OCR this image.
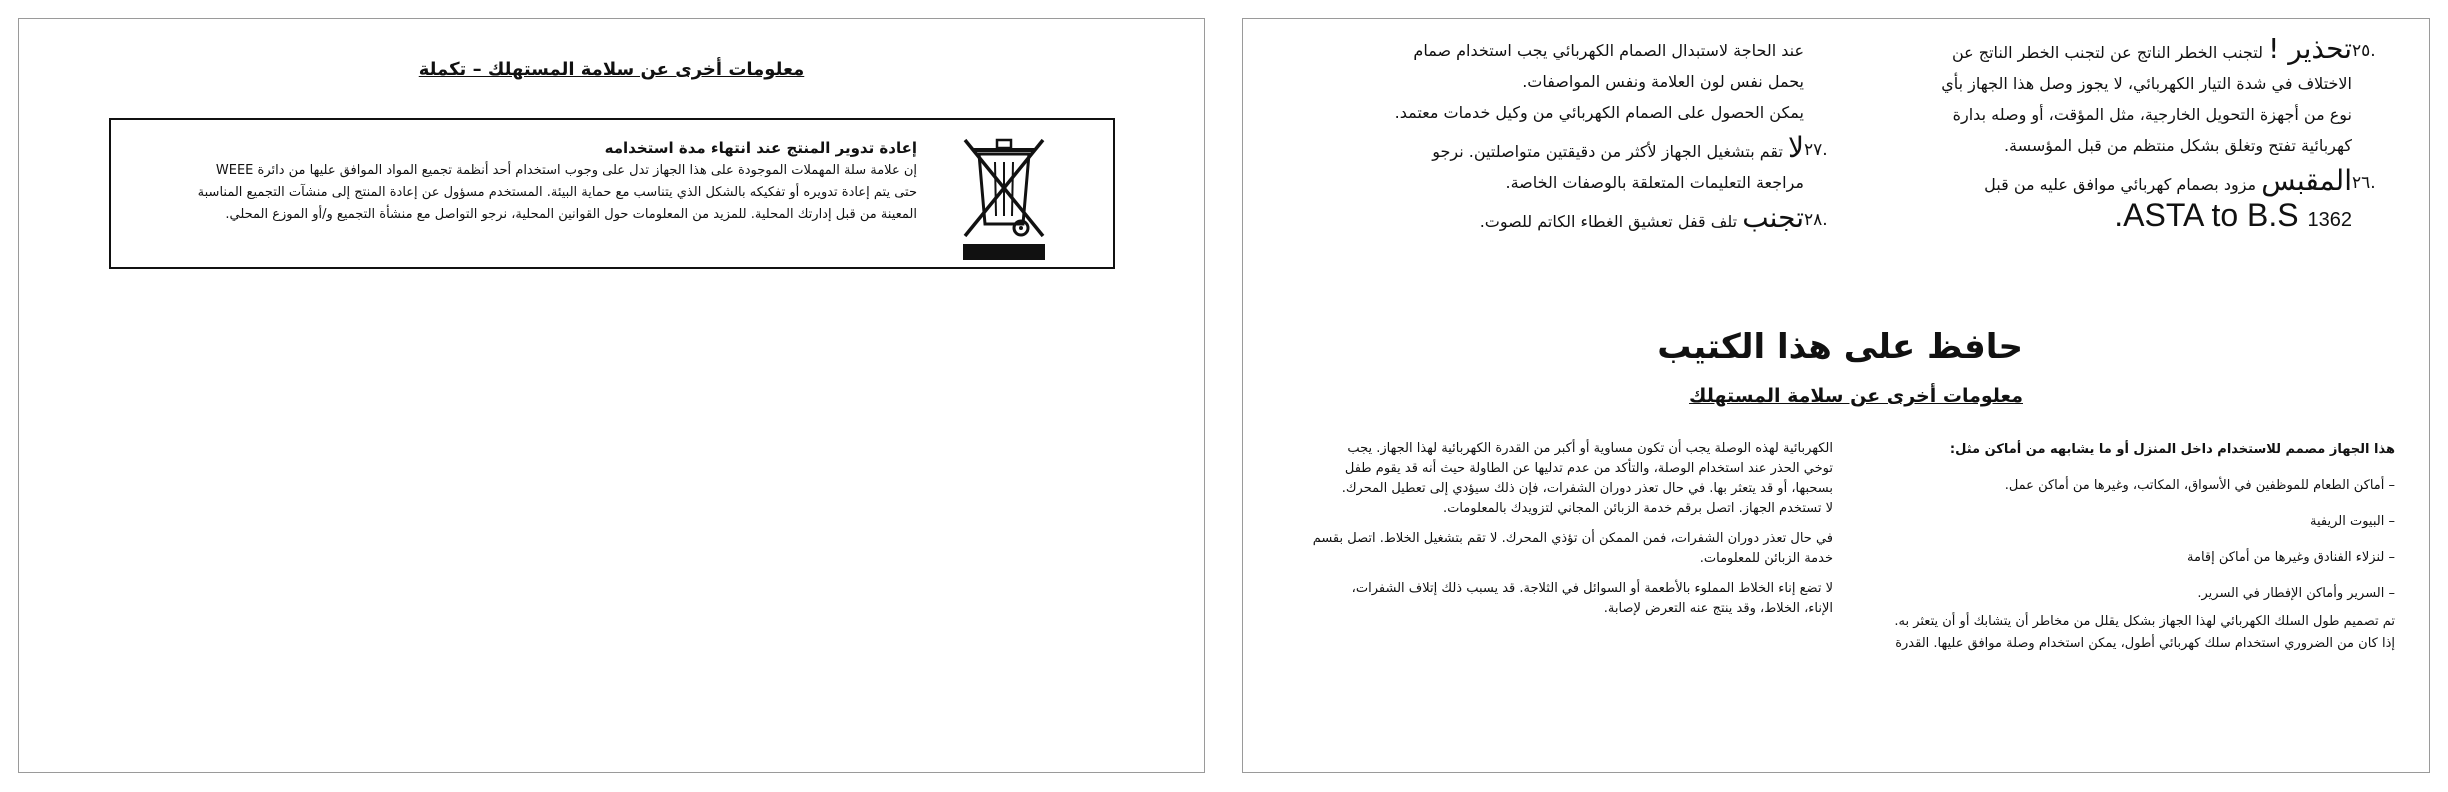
معلومات أخرى عن سلامة المستهلك – تكملة
إعادة تدوير المنتج عند انتهاء مدة استخدامه
إن علامة سلة المهملات الموجودة على هذا الجهاز تدل على وجوب استخدام أحد أنظمة تجميع المواد الموافق عليها من دائرة WEEE
حتى يتم إعادة تدويره أو تفكيكه بالشكل الذي يتناسب مع حماية البيئة. المستخدم مسؤول عن إعادة المنتج إلى منشآت التجميع المناسبة
المعينة من قبل إدارتك المحلية. للمزيد من المعلومات حول القوانين المحلية، نرجو التواصل مع منشأة التجميع و/أو الموزع المحلي.
تحذير ! لتجنب الخطر الناتج عن لتجنب الخطر الناتج عن
الاختلاف في شدة التيار الكهربائي، لا يجوز وصل هذا الجهاز بأي
نوع من أجهزة التحويل الخارجية، مثل المؤقت، أو وصله بدارة
كهربائية تفتح وتغلق بشكل منتظم من قبل المؤسسة.
٢٥.
المقبس مزود بصمام كهربائي موافق عليه من قبل
.ASTA to B.S 1362
٢٦.
عند الحاجة لاستبدال الصمام الكهربائي يجب استخدام صمام
يحمل نفس لون العلامة ونفس المواصفات.
يمكن الحصول على الصمام الكهربائي من وكيل خدمات معتمد.
لا تقم بتشغيل الجهاز لأكثر من دقيقتين متواصلتين. نرجو
مراجعة التعليمات المتعلقة بالوصفات الخاصة.
٢٧.
تجنب تلف قفل تعشيق الغطاء الكاتم للصوت.	٢٨.
حافظ على هذا الكتيب
معلومات أخرى عن سلامة المستهلك
هذا الجهاز مصمم للاستخدام داخل المنزل أو ما يشابهه من أماكن مثل:
– أماكن الطعام للموظفين في الأسواق، المكاتب، وغيرها من أماكن عمل.
– البيوت الريفية
– لنزلاء الفنادق وغيرها من أماكن إقامة
– السرير وأماكن الإفطار في السرير.
تم تصميم طول السلك الكهربائي لهذا الجهاز بشكل يقلل من مخاطر أن يتشابك أو أن يتعثر به.
إذا كان من الضروري استخدام سلك كهربائي أطول، يمكن استخدام وصلة موافق عليها. القدرة

الكهربائية لهذه الوصلة يجب أن تكون مساوية أو أكبر من القدرة الكهربائية لهذا الجهاز. يجب
توخي الحذر عند استخدام الوصلة، والتأكد من عدم تدليها عن الطاولة حيث أنه قد يقوم طفل
بسحبها، أو قد يتعثر بها. في حال تعذر دوران الشفرات، فإن ذلك سيؤدي إلى تعطيل المحرك.
لا تستخدم الجهاز. اتصل برقم خدمة الزبائن المجاني لتزويدك بالمعلومات.

في حال تعذر دوران الشفرات، فمن الممكن أن تؤذي المحرك. لا تقم بتشغيل الخلاط. اتصل بقسم
خدمة الزبائن للمعلومات.

لا تضع إناء الخلاط المملوء بالأطعمة أو السوائل في الثلاجة. قد يسبب ذلك إتلاف الشفرات،
الإناء، الخلاط، وقد ينتج عنه التعرض لإصابة.
